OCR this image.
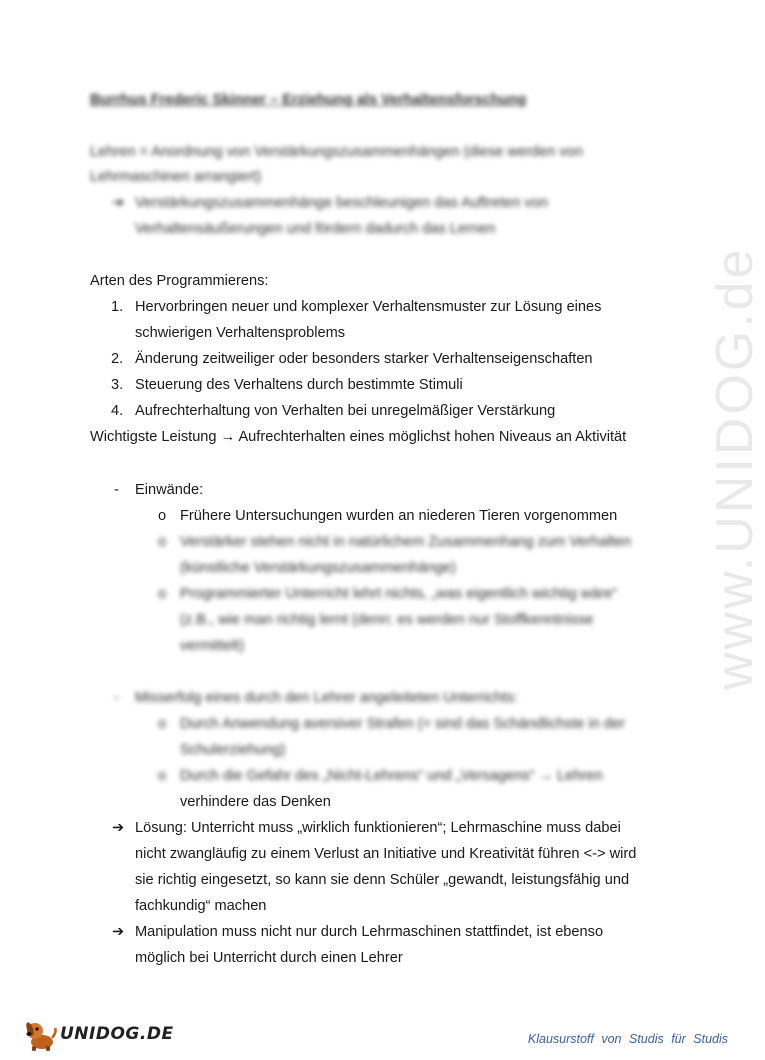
www.UNIDOG.de
Burrhus Frederic Skinner – Erziehung als Verhaltensforschung
Lehren = Anordnung von Verstärkungszusammenhängen (diese werden von
Lehrmaschinen arrangiert)
➔ Verstärkungszusammenhänge beschleunigen das Auftreten von
Verhaltensäußerungen und fördern dadurch das Lernen
Arten des Programmierens:
1. Hervorbringen neuer und komplexer Verhaltensmuster zur Lösung eines
schwierigen Verhaltensproblems
2. Änderung zeitweiliger oder besonders starker Verhaltenseigenschaften
3. Steuerung des Verhaltens durch bestimmte Stimuli
4. Aufrechterhaltung von Verhalten bei unregelmäßiger Verstärkung
Wichtigste Leistung → Aufrechterhalten eines möglichst hohen Niveaus an Aktivität
- Einwände:
o Frühere Untersuchungen wurden an niederen Tieren vorgenommen
o Verstärker stehen nicht in natürlichem Zusammenhang zum Verhalten
(künstliche Verstärkungszusammenhänge)
o Programmierter Unterricht lehrt nichts, „was eigentlich wichtig wäre“
(z.B., wie man richtig lernt (denn: es werden nur Stoffkenntnisse
vermittelt)
- Misserfolg eines durch den Lehrer angeleiteten Unterrichts:
o Durch Anwendung aversiver Strafen (= sind das Schändlichste in der
Schulerziehung)
o Durch die Gefahr des „Nicht-Lehrens“ und „Versagens“ → Lehren
verhindere das Denken
➔ Lösung: Unterricht muss „wirklich funktionieren“; Lehrmaschine muss dabei
nicht zwangläufig zu einem Verlust an Initiative und Kreativität führen <-> wird
sie richtig eingesetzt, so kann sie denn Schüler „gewandt, leistungsfähig und
fachkundig“ machen
➔ Manipulation muss nicht nur durch Lehrmaschinen stattfindet, ist ebenso
möglich bei Unterricht durch einen Lehrer
UNIDOG.DE	Klausurstoff von Studis für Studis
